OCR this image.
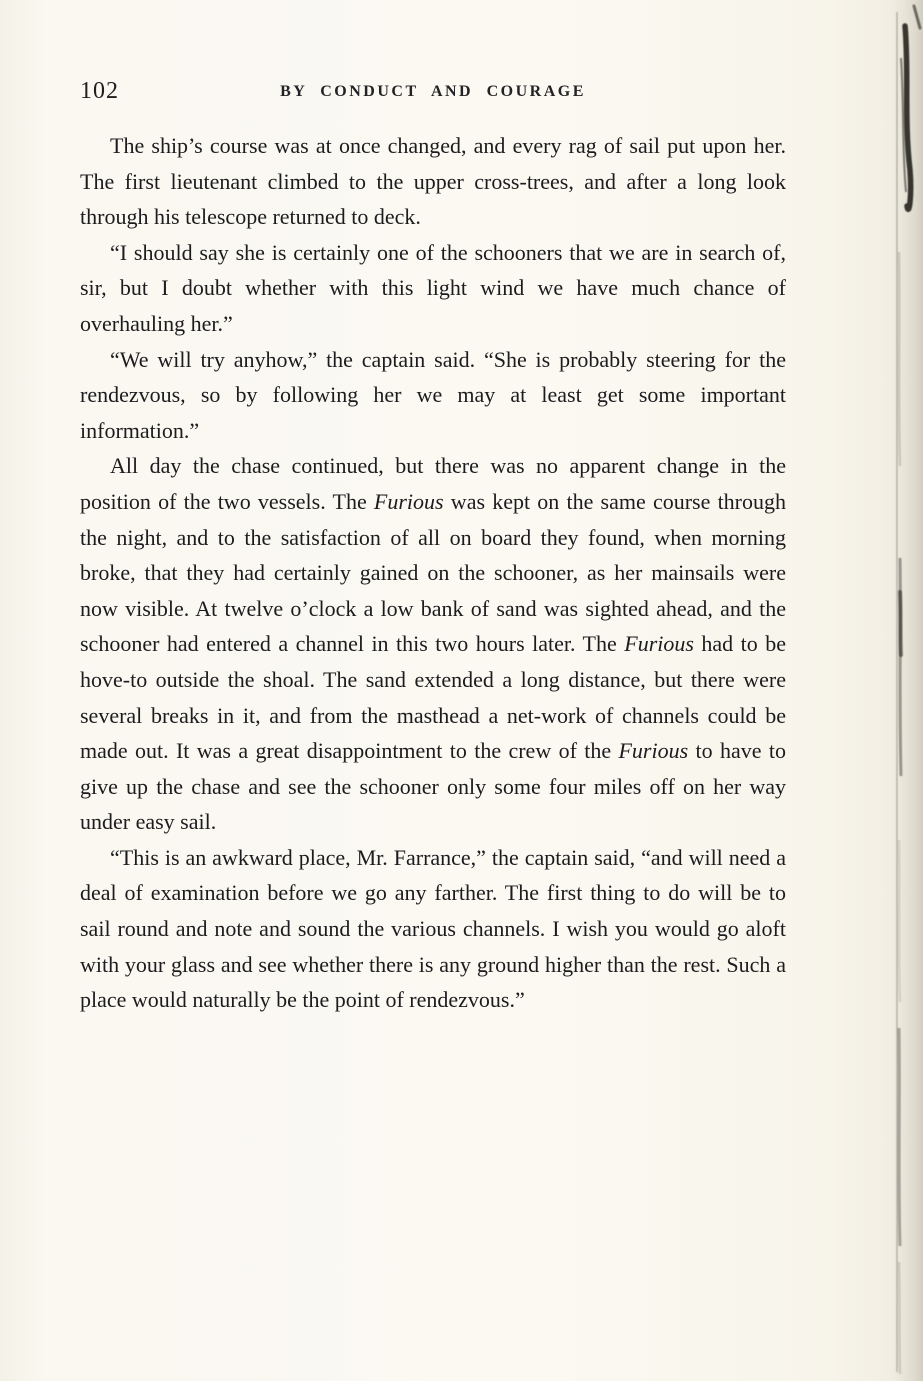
102	BY CONDUCT AND COURAGE

The ship’s course was at once changed, and every rag of sail put upon her. The first lieutenant climbed to the upper cross-trees, and after a long look through his telescope returned to deck.

“I should say she is certainly one of the schooners that we are in search of, sir, but I doubt whether with this light wind we have much chance of overhauling her.”

“We will try anyhow,” the captain said. “She is probably steering for the rendezvous, so by following her we may at least get some important information.”

All day the chase continued, but there was no apparent change in the position of the two vessels. The Furious was kept on the same course through the night, and to the satisfaction of all on board they found, when morning broke, that they had certainly gained on the schooner, as her mainsails were now visible. At twelve o’clock a low bank of sand was sighted ahead, and the schooner had entered a channel in this two hours later. The Furious had to be hove-to outside the shoal. The sand extended a long distance, but there were several breaks in it, and from the masthead a net-work of channels could be made out. It was a great disappointment to the crew of the Furious to have to give up the chase and see the schooner only some four miles off on her way under easy sail.

“This is an awkward place, Mr. Farrance,” the captain said, “and will need a deal of examination before we go any farther. The first thing to do will be to sail round and note and sound the various channels. I wish you would go aloft with your glass and see whether there is any ground higher than the rest. Such a place would naturally be the point of rendezvous.”
